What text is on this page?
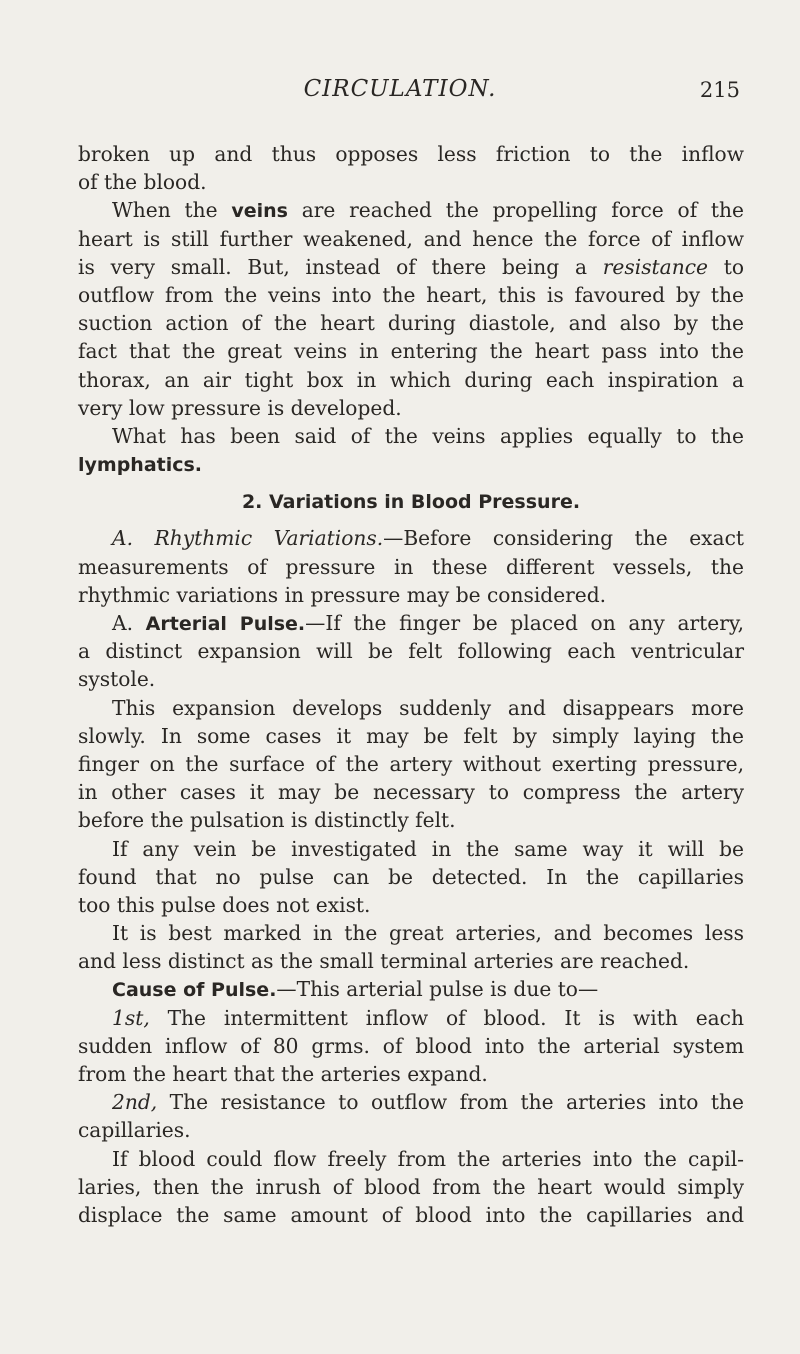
CIRCULATION.	215
broken up and thus opposes less friction to the inflow
of the blood.
When the veins are reached the propelling force of the
heart is still further weakened, and hence the force of inflow
is very small. But, instead of there being a resistance to
outflow from the veins into the heart, this is favoured by the
suction action of the heart during diastole, and also by the
fact that the great veins in entering the heart pass into the
thorax, an air tight box in which during each inspiration a
very low pressure is developed.
What has been said of the veins applies equally to the
lymphatics.
2. Variations in Blood Pressure.
A. Rhythmic Variations.—Before considering the exact
measurements of pressure in these different vessels, the
rhythmic variations in pressure may be considered.
A. Arterial Pulse.—If the finger be placed on any artery,
a distinct expansion will be felt following each ventricular
systole.
This expansion develops suddenly and disappears more
slowly. In some cases it may be felt by simply laying the
finger on the surface of the artery without exerting pressure,
in other cases it may be necessary to compress the artery
before the pulsation is distinctly felt.
If any vein be investigated in the same way it will be
found that no pulse can be detected. In the capillaries
too this pulse does not exist.
It is best marked in the great arteries, and becomes less
and less distinct as the small terminal arteries are reached.
Cause of Pulse.—This arterial pulse is due to—
1st, The intermittent inflow of blood. It is with each
sudden inflow of 80 grms. of blood into the arterial system
from the heart that the arteries expand.
2nd, The resistance to outflow from the arteries into the
capillaries.
If blood could flow freely from the arteries into the capil-
laries, then the inrush of blood from the heart would simply
displace the same amount of blood into the capillaries and
